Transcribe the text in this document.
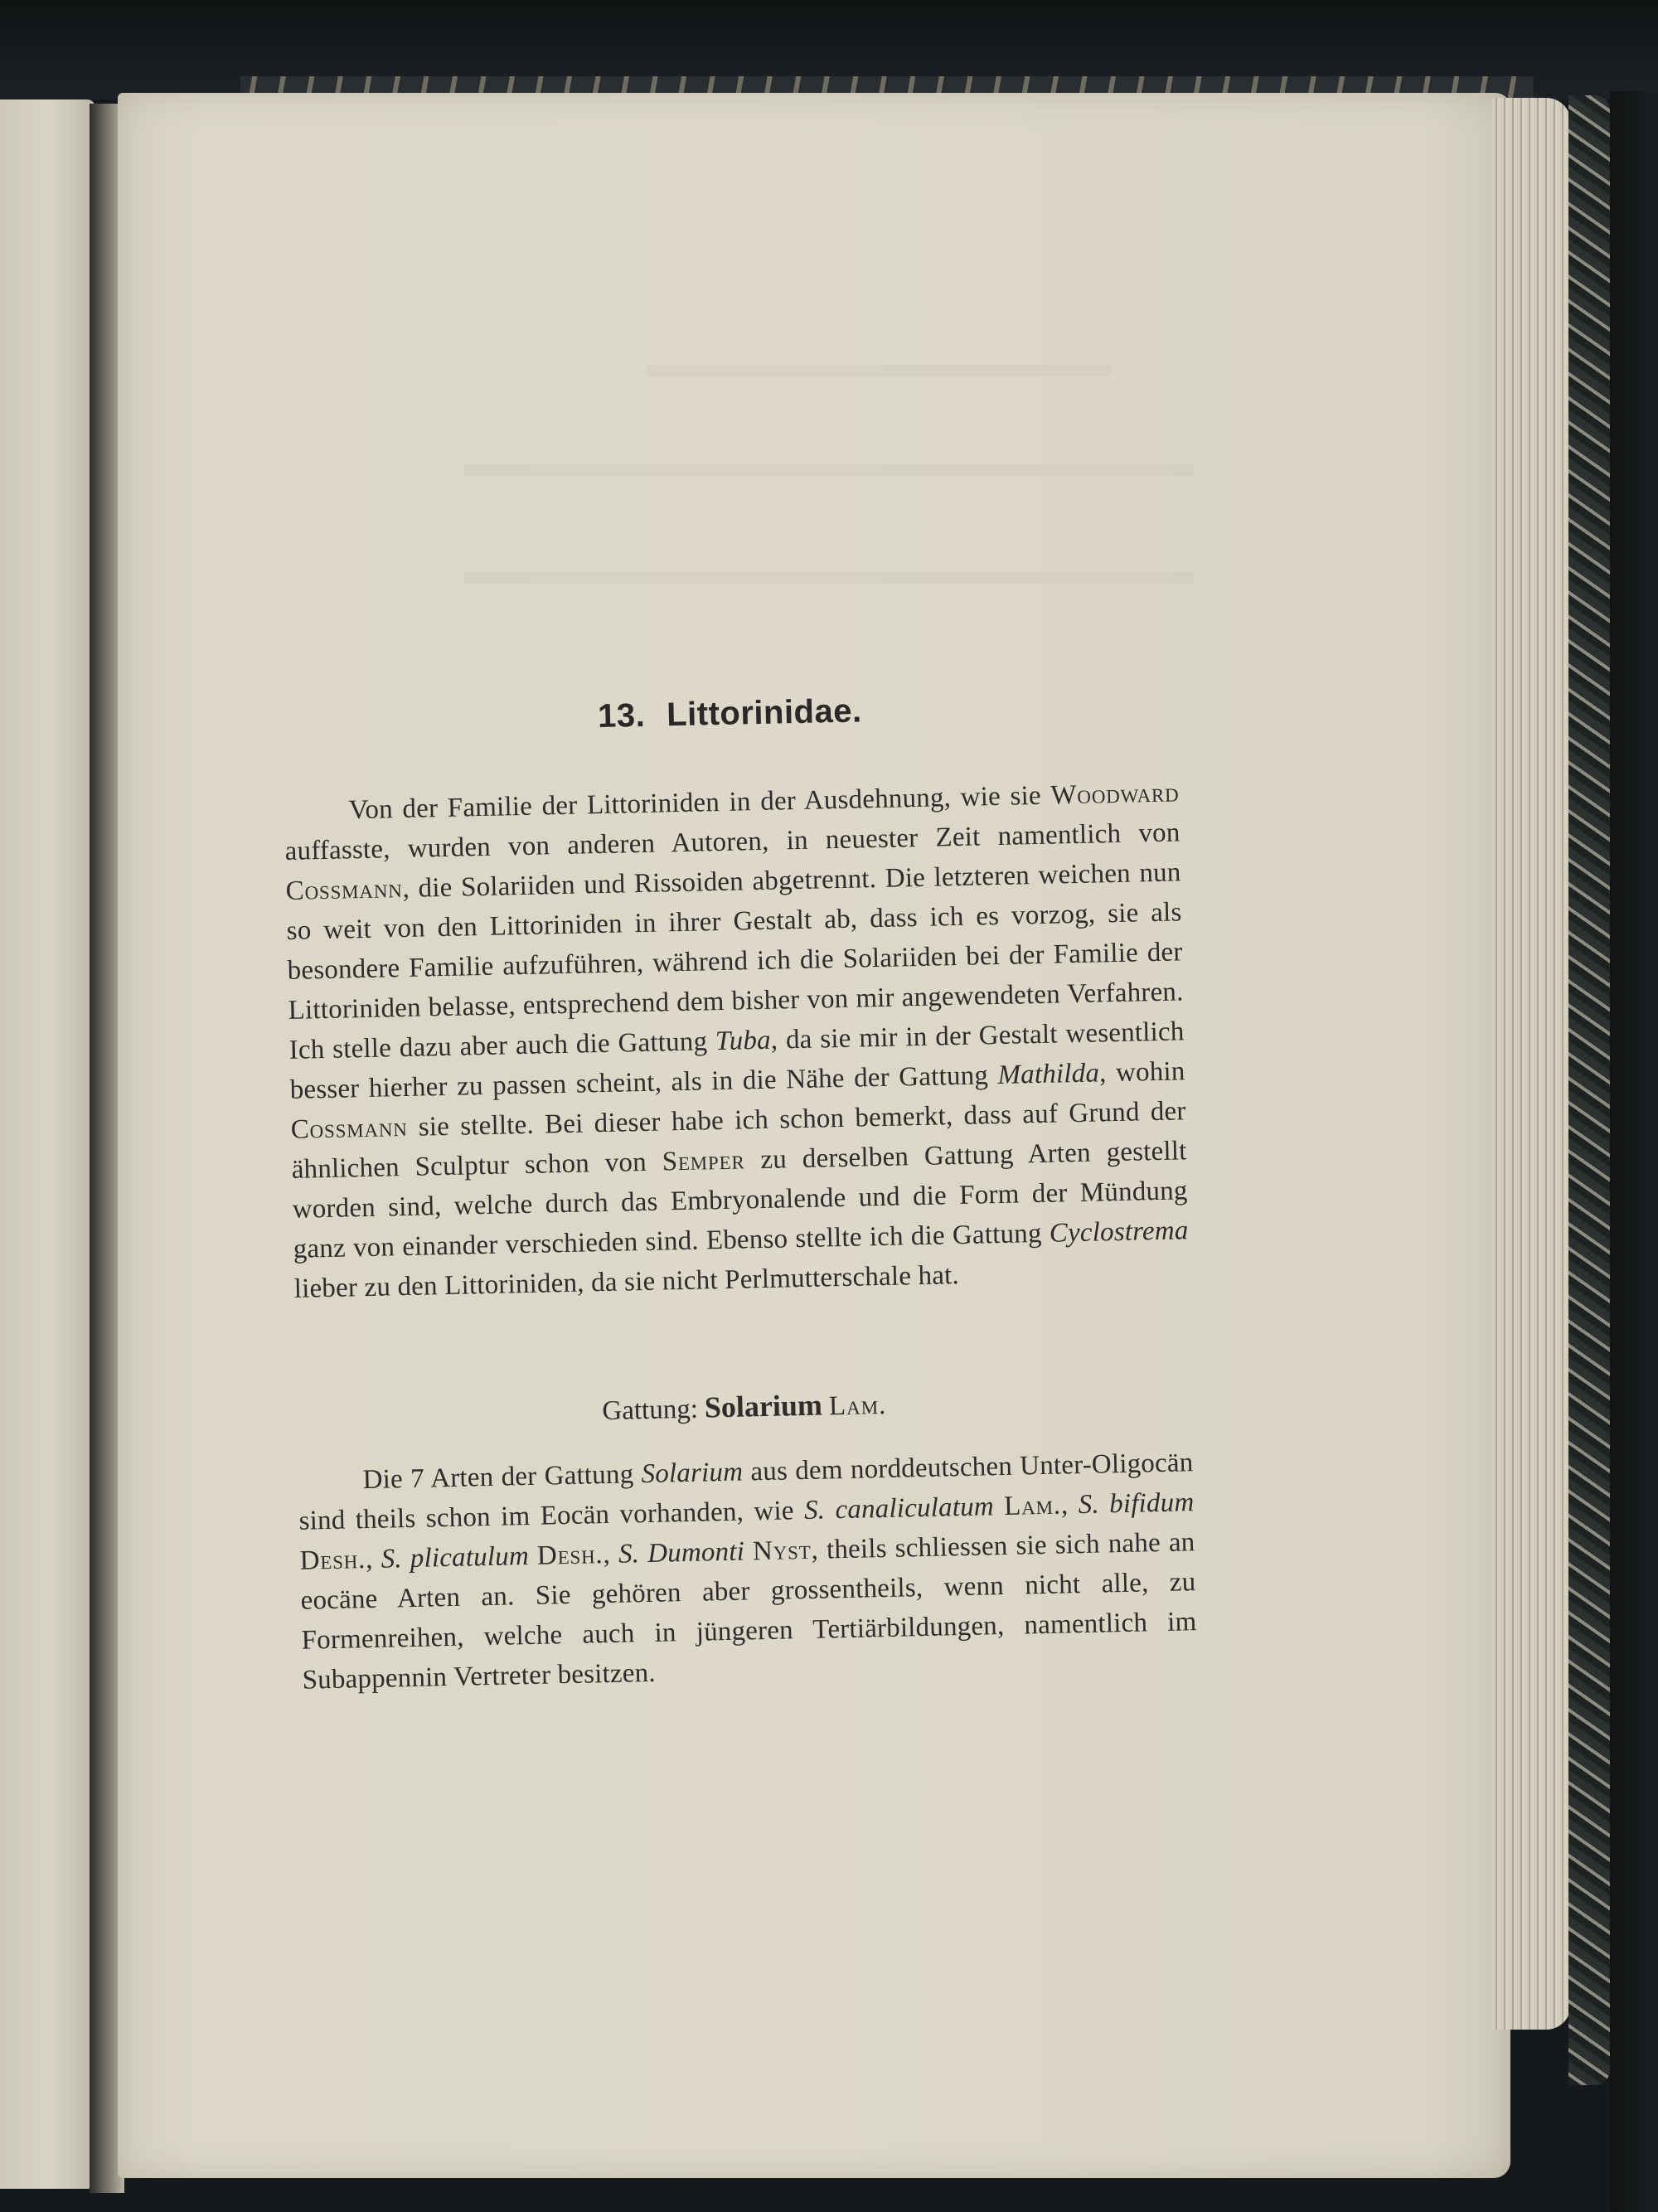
13. Littorinidae.

Von der Familie der Littoriniden in der Ausdehnung, wie sie Woodward auffasste, wurden von anderen Autoren, in neuester Zeit namentlich von Cossmann, die Solariiden und Rissoiden abgetrennt. Die letzteren weichen nun so weit von den Littoriniden in ihrer Gestalt ab, dass ich es vorzog, sie als besondere Familie aufzuführen, während ich die Solariiden bei der Familie der Littoriniden belasse, entsprechend dem bisher von mir angewendeten Verfahren. Ich stelle dazu aber auch die Gattung Tuba, da sie mir in der Gestalt wesentlich besser hierher zu passen scheint, als in die Nähe der Gattung Mathilda, wohin Cossmann sie stellte. Bei dieser habe ich schon bemerkt, dass auf Grund der ähnlichen Sculptur schon von Semper zu derselben Gattung Arten gestellt worden sind, welche durch das Embryonalende und die Form der Mündung ganz von einander verschieden sind. Ebenso stellte ich die Gattung Cyclostrema lieber zu den Littoriniden, da sie nicht Perlmutterschale hat.

Gattung: Solarium Lam.

Die 7 Arten der Gattung Solarium aus dem norddeutschen Unter-Oligocän sind theils schon im Eocän vorhanden, wie S. canaliculatum Lam., S. bifidum Desh., S. plicatulum Desh., S. Dumonti Nyst, theils schliessen sie sich nahe an eocäne Arten an. Sie gehören aber grossentheils, wenn nicht alle, zu Formenreihen, welche auch in jüngeren Tertiärbildungen, namentlich im Subappennin Vertreter besitzen.
